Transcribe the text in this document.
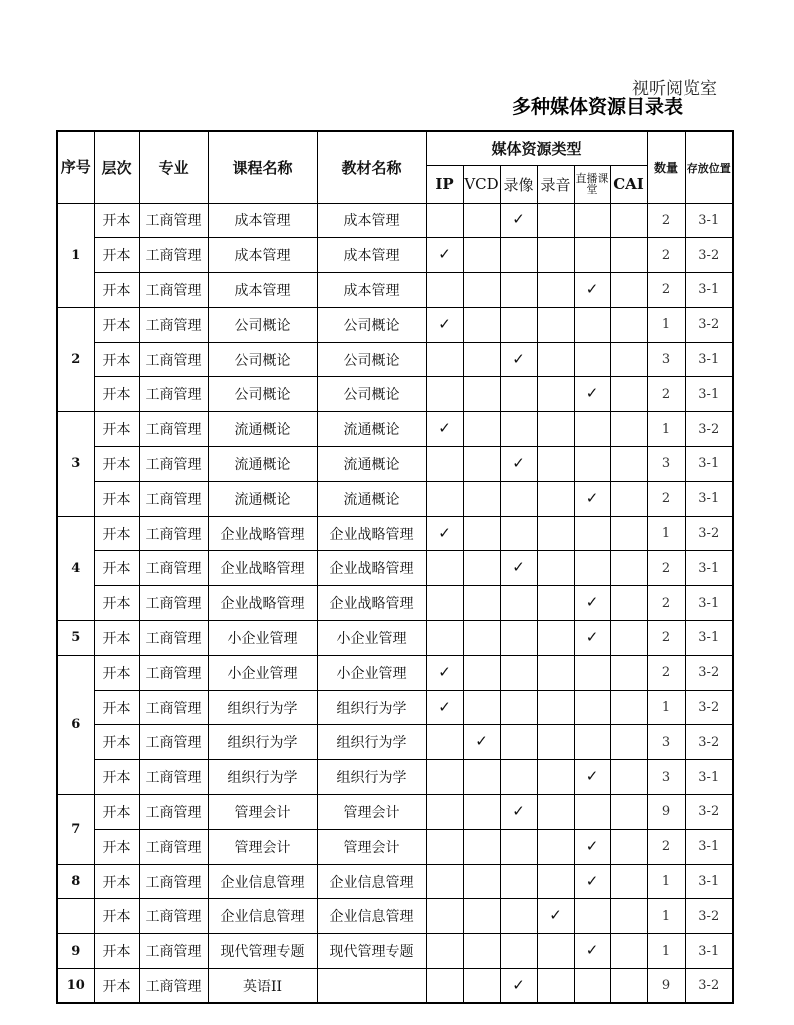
视听阅览室
多种媒体资源目录表
序号	层次	专业	课程名称	教材名称	媒体资源类型						数量	存放位置
					IP	VCD	录像	录音	直播课堂	CAI		
1	开本	工商管理	成本管理	成本管理			✓				2	3-1
	开本	工商管理	成本管理	成本管理	✓						2	3-2
	开本	工商管理	成本管理	成本管理					✓		2	3-1
2	开本	工商管理	公司概论	公司概论	✓						1	3-2
	开本	工商管理	公司概论	公司概论			✓				3	3-1
	开本	工商管理	公司概论	公司概论					✓		2	3-1
3	开本	工商管理	流通概论	流通概论	✓						1	3-2
	开本	工商管理	流通概论	流通概论			✓				3	3-1
	开本	工商管理	流通概论	流通概论					✓		2	3-1
4	开本	工商管理	企业战略管理	企业战略管理	✓						1	3-2
	开本	工商管理	企业战略管理	企业战略管理			✓				2	3-1
	开本	工商管理	企业战略管理	企业战略管理					✓		2	3-1
5	开本	工商管理	小企业管理	小企业管理					✓		2	3-1
6	开本	工商管理	小企业管理	小企业管理	✓						2	3-2
	开本	工商管理	组织行为学	组织行为学	✓						1	3-2
	开本	工商管理	组织行为学	组织行为学		✓					3	3-2
	开本	工商管理	组织行为学	组织行为学					✓		3	3-1
7	开本	工商管理	管理会计	管理会计			✓				9	3-2
	开本	工商管理	管理会计	管理会计					✓		2	3-1
8	开本	工商管理	企业信息管理	企业信息管理					✓		1	3-1
	开本	工商管理	企业信息管理	企业信息管理				✓			1	3-2
9	开本	工商管理	现代管理专题	现代管理专题					✓		1	3-1
10	开本	工商管理	英语II				✓				9	3-2
